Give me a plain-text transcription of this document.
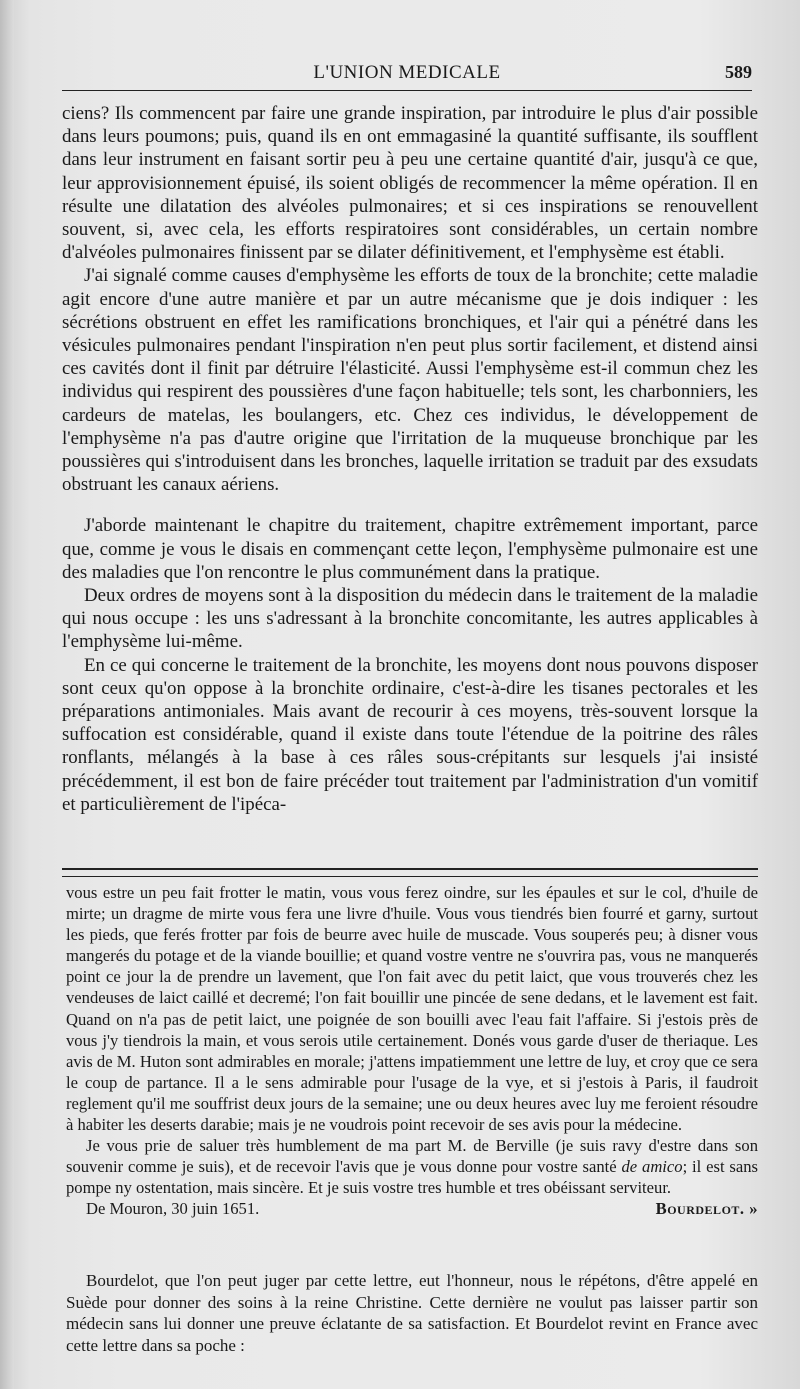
L'UNION MEDICALE	589

ciens? Ils commencent par faire une grande inspiration, par introduire le plus d'air possible dans leurs poumons; puis, quand ils en ont emmagasiné la quantité suffisante, ils soufflent dans leur instrument en faisant sortir peu à peu une certaine quantité d'air, jusqu'à ce que, leur approvisionnement épuisé, ils soient obligés de recommencer la même opération. Il en résulte une dilatation des alvéoles pulmonaires; et si ces inspirations se renouvellent souvent, si, avec cela, les efforts respiratoires sont considérables, un certain nombre d'alvéoles pulmonaires finissent par se dilater définitivement, et l'emphysème est établi.

J'ai signalé comme causes d'emphysème les efforts de toux de la bronchite; cette maladie agit encore d'une autre manière et par un autre mécanisme que je dois indiquer : les sécrétions obstruent en effet les ramifications bronchiques, et l'air qui a pénétré dans les vésicules pulmonaires pendant l'inspiration n'en peut plus sortir facilement, et distend ainsi ces cavités dont il finit par détruire l'élasticité. Aussi l'emphysème est-il commun chez les individus qui respirent des poussières d'une façon habituelle; tels sont, les charbonniers, les cardeurs de matelas, les boulangers, etc. Chez ces individus, le développement de l'emphysème n'a pas d'autre origine que l'irritation de la muqueuse bronchique par les poussières qui s'introduisent dans les bronches, laquelle irritation se traduit par des exsudats obstruant les canaux aériens.

J'aborde maintenant le chapitre du traitement, chapitre extrêmement important, parce que, comme je vous le disais en commençant cette leçon, l'emphysème pulmonaire est une des maladies que l'on rencontre le plus communément dans la pratique.

Deux ordres de moyens sont à la disposition du médecin dans le traitement de la maladie qui nous occupe : les uns s'adressant à la bronchite concomitante, les autres applicables à l'emphysème lui-même.

En ce qui concerne le traitement de la bronchite, les moyens dont nous pouvons disposer sont ceux qu'on oppose à la bronchite ordinaire, c'est-à-dire les tisanes pectorales et les préparations antimoniales. Mais avant de recourir à ces moyens, très-souvent lorsque la suffocation est considérable, quand il existe dans toute l'étendue de la poitrine des râles ronflants, mélangés à la base à ces râles sous-crépitants sur lesquels j'ai insisté précédemment, il est bon de faire précéder tout traitement par l'administration d'un vomitif et particulièrement de l'ipéca-

vous estre un peu fait frotter le matin, vous vous ferez oindre, sur les épaules et sur le col, d'huile de mirte; un dragme de mirte vous fera une livre d'huile. Vous vous tiendrés bien fourré et garny, surtout les pieds, que ferés frotter par fois de beurre avec huile de muscade. Vous souperés peu; à disner vous mangerés du potage et de la viande bouillie; et quand vostre ventre ne s'ouvrira pas, vous ne manquerés point ce jour la de prendre un lavement, que l'on fait avec du petit laict, que vous trouverés chez les vendeuses de laict caillé et decremé; l'on fait bouillir une pincée de sene dedans, et le lavement est fait. Quand on n'a pas de petit laict, une poignée de son bouilli avec l'eau fait l'affaire. Si j'estois près de vous j'y tiendrois la main, et vous serois utile certainement. Donés vous garde d'user de theriaque. Les avis de M. Huton sont admirables en morale; j'attens impatiemment une lettre de luy, et croy que ce sera le coup de partance. Il a le sens admirable pour l'usage de la vye, et si j'estois à Paris, il faudroit reglement qu'il me souffrist deux jours de la semaine; une ou deux heures avec luy me feroient résoudre à habiter les deserts darabie; mais je ne voudrois point recevoir de ses avis pour la médecine.

Je vous prie de saluer très humblement de ma part M. de Berville (je suis ravy d'estre dans son souvenir comme je suis), et de recevoir l'avis que je vous donne pour vostre santé de amico; il est sans pompe ny ostentation, mais sincère. Et je suis vostre tres humble et tres obéissant serviteur.

De Mouron, 30 juin 1651.	Bourdelot. »

Bourdelot, que l'on peut juger par cette lettre, eut l'honneur, nous le répétons, d'être appelé en Suède pour donner des soins à la reine Christine. Cette dernière ne voulut pas laisser partir son médecin sans lui donner une preuve éclatante de sa satisfaction. Et Bourdelot revint en France avec cette lettre dans sa poche :
